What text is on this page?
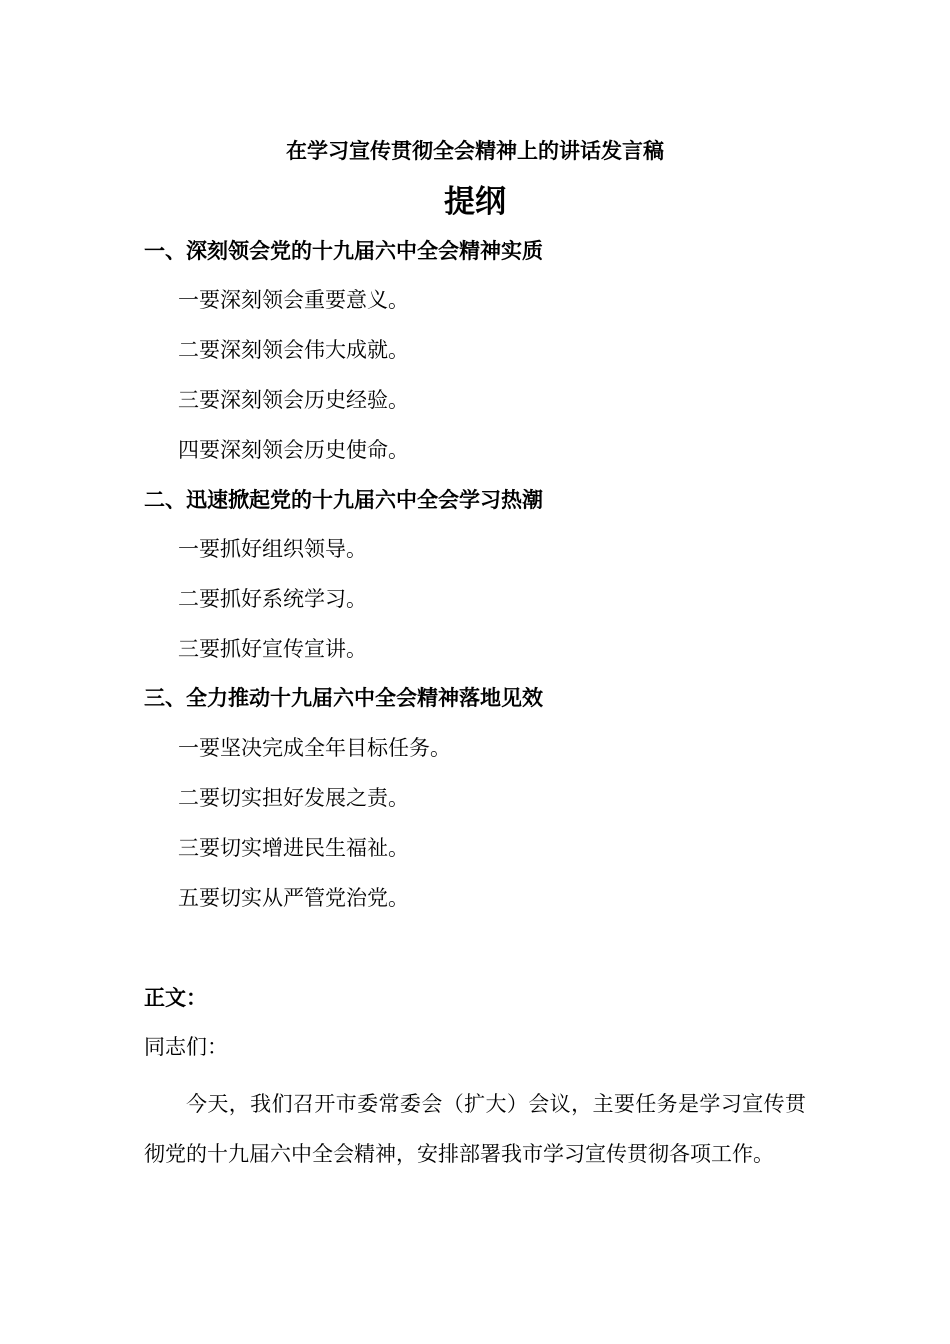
在学习宣传贯彻全会精神上的讲话发言稿
提纲
一、深刻领会党的十九届六中全会精神实质
一要深刻领会重要意义。
二要深刻领会伟大成就。
三要深刻领会历史经验。
四要深刻领会历史使命。
二、迅速掀起党的十九届六中全会学习热潮
一要抓好组织领导。
二要抓好系统学习。
三要抓好宣传宣讲。
三、全力推动十九届六中全会精神落地见效
一要坚决完成全年目标任务。
二要切实担好发展之责。
三要切实增进民生福祉。
五要切实从严管党治党。
正文：
同志们：
今天，我们召开市委常委会（扩大）会议，主要任务是学习宣传贯彻党的十九届六中全会精神，安排部署我市学习宣传贯彻各项工作。
